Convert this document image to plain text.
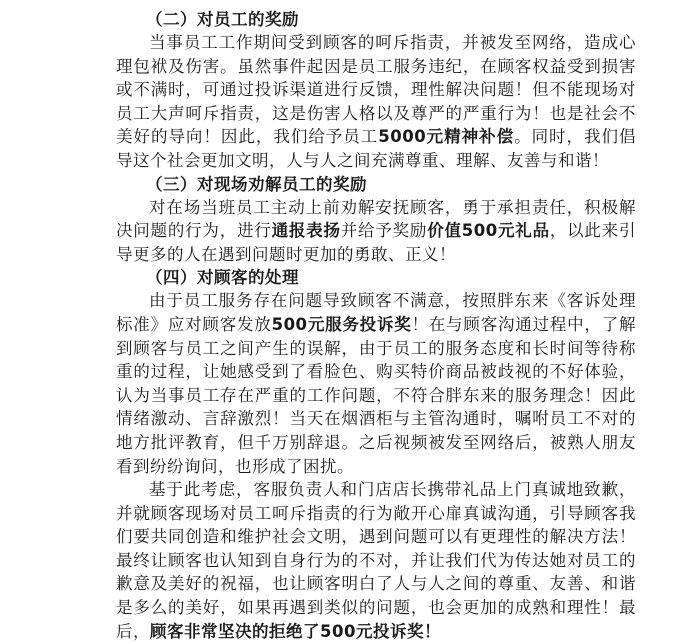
（二）对员工的奖励

当事员工工作期间受到顾客的呵斥指责，并被发至网络，造成心理包袱及伤害。虽然事件起因是员工服务违纪，在顾客权益受到损害或不满时，可通过投诉渠道进行反馈，理性解决问题！但不能现场对员工大声呵斥指责，这是伤害人格以及尊严的严重行为！也是社会不美好的导向！因此，我们给予员工5000元精神补偿。同时，我们倡导这个社会更加文明，人与人之间充满尊重、理解、友善与和谐！

（三）对现场劝解员工的奖励

对在场当班员工主动上前劝解安抚顾客，勇于承担责任，积极解决问题的行为，进行通报表扬并给予奖励价值500元礼品，以此来引导更多的人在遇到问题时更加的勇敢、正义！

（四）对顾客的处理

由于员工服务存在问题导致顾客不满意，按照胖东来《客诉处理标准》应对顾客发放500元服务投诉奖！在与顾客沟通过程中，了解到顾客与员工之间产生的误解，由于员工的服务态度和长时间等待称重的过程，让她感受到了看脸色、购买特价商品被歧视的不好体验，认为当事员工存在严重的工作问题，不符合胖东来的服务理念！因此情绪激动、言辞激烈！当天在烟酒柜与主管沟通时，嘱咐员工不对的地方批评教育，但千万别辞退。之后视频被发至网络后，被熟人朋友看到纷纷询问，也形成了困扰。

基于此考虑，客服负责人和门店店长携带礼品上门真诚地致歉，并就顾客现场对员工呵斥指责的行为敞开心扉真诚沟通，引导顾客我们要共同创造和维护社会文明，遇到问题可以有更理性的解决方法！最终让顾客也认知到自身行为的不对，并让我们代为传达她对员工的歉意及美好的祝福，也让顾客明白了人与人之间的尊重、友善、和谐是多么的美好，如果再遇到类似的问题，也会更加的成熟和理性！最后，顾客非常坚决的拒绝了500元投诉奖！
